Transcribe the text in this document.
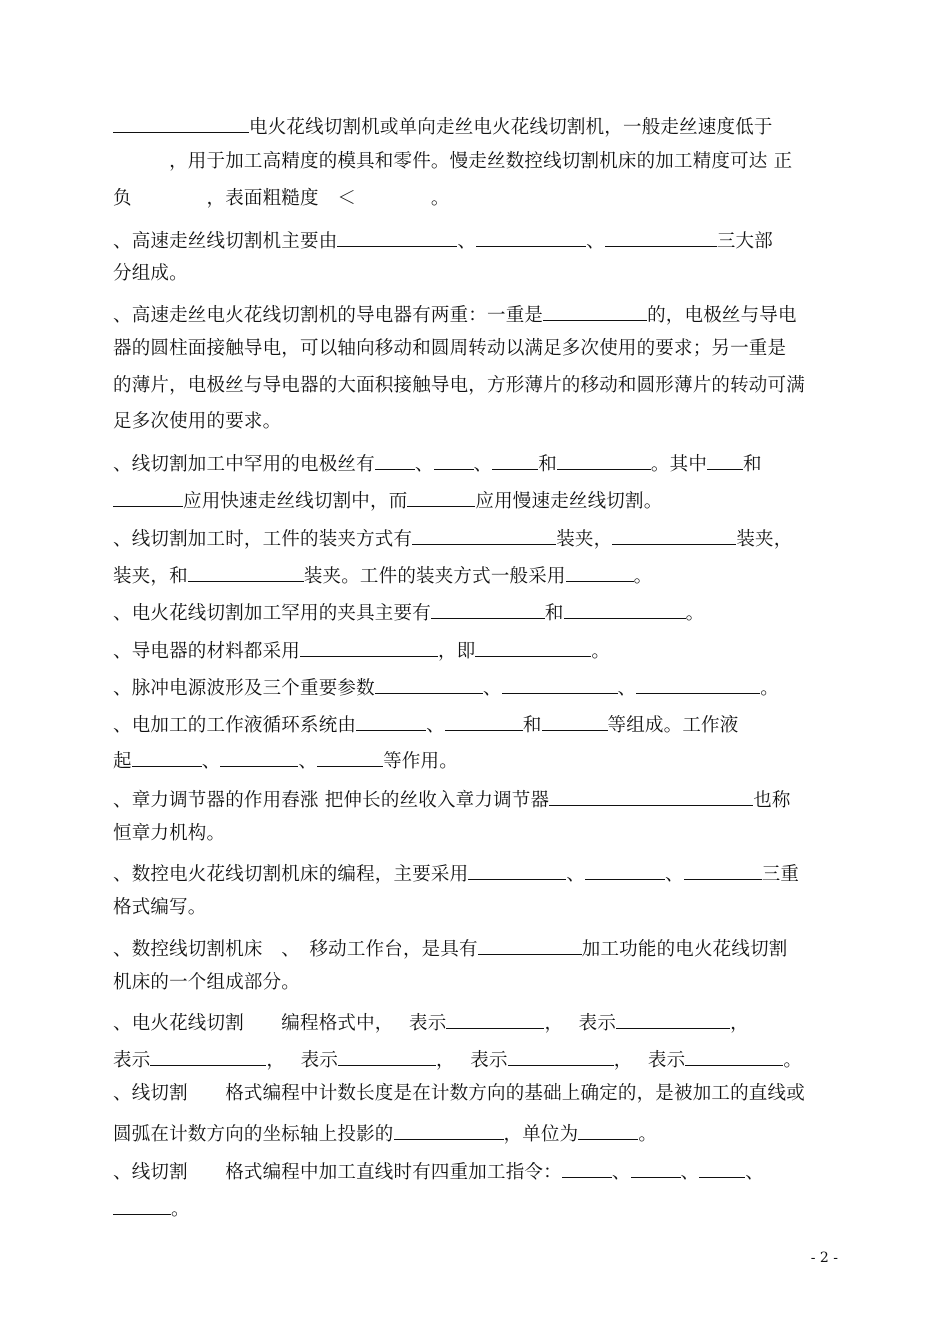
- 2 -
电火花线切割机或单向走丝电火花线切割机，一般走丝速度低于
　　　，用于加工高精度的模具和零件。慢走丝数控线切割机床的加工精度可达 正
负　　　　，表面粗糙度　＜　　　　。
、高速走丝线切割机主要由	、	、	三大部
分组成。
、高速走丝电火花线切割机的导电器有两重：一重是	的，电极丝与导电
器的圆柱面接触导电，可以轴向移动和圆周转动以满足多次使用的要求；另一重是
的薄片，电极丝与导电器的大面积接触导电，方形薄片的移动和圆形薄片的转动可满
足多次使用的要求。
、线切割加工中罕用的电极丝有 、 、 和	。其中 和
应用快速走丝线切割中，而	应用慢速走丝线切割。
、线切割加工时，工件的装夹方式有	装夹，	装夹，
装夹，和	装夹。工件的装夹方式一般采用	。
、电火花线切割加工罕用的夹具主要有	和	。
、导电器的材料都采用	，即	。
、脉冲电源波形及三个重要参数	、	、	。
、电加工的工作液循环系统由	、	和	等组成。工作液
起	、	、	等作用。
、章力调节器的作用舂涨 把伸长的丝收入章力调节器	也称
恒章力机构。
、数控电火花线切割机床的编程，主要采用	、	、	三重
格式编写。
、数控线切割机床　、　移动工作台，是具有	加工功能的电火花线切割
机床的一个组成部分。
、电火花线切割　　编程格式中，　 表示	，　 表示	，
表示	，　 表示	，　 表示	，　 表示	。
、线切割　　格式编程中计数长度是在计数方向的基础上确定的，是被加工的直线或
圆弧在计数方向的坐标轴上投影的	，单位为	。
、线切割　　格式编程中加工直线时有四重加工指令：	、	、 、
。
